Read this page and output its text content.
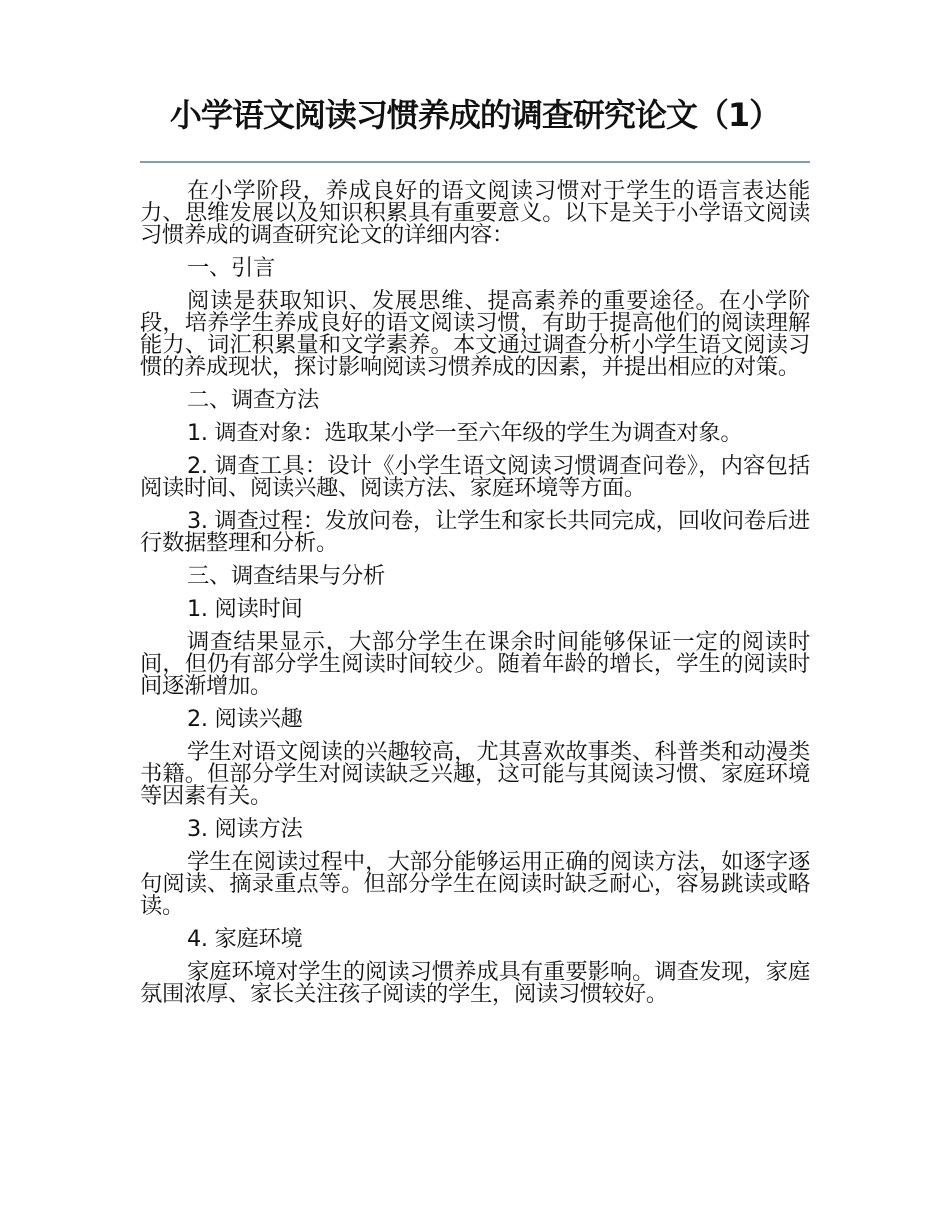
小学语文阅读习惯养成的调查研究论文（1）

在小学阶段，养成良好的语文阅读习惯对于学生的语言表达能力、思维发展以及知识积累具有重要意义。以下是关于小学语文阅读习惯养成的调查研究论文的详细内容：

一、引言

阅读是获取知识、发展思维、提高素养的重要途径。在小学阶段，培养学生养成良好的语文阅读习惯，有助于提高他们的阅读理解能力、词汇积累量和文学素养。本文通过调查分析小学生语文阅读习惯的养成现状，探讨影响阅读习惯养成的因素，并提出相应的对策。

二、调查方法

1. 调查对象：选取某小学一至六年级的学生为调查对象。

2. 调查工具：设计《小学生语文阅读习惯调查问卷》，内容包括阅读时间、阅读兴趣、阅读方法、家庭环境等方面。

3. 调查过程：发放问卷，让学生和家长共同完成，回收问卷后进行数据整理和分析。

三、调查结果与分析

1. 阅读时间

调查结果显示，大部分学生在课余时间能够保证一定的阅读时间，但仍有部分学生阅读时间较少。随着年龄的增长，学生的阅读时间逐渐增加。

2. 阅读兴趣

学生对语文阅读的兴趣较高，尤其喜欢故事类、科普类和动漫类书籍。但部分学生对阅读缺乏兴趣，这可能与其阅读习惯、家庭环境等因素有关。

3. 阅读方法

学生在阅读过程中，大部分能够运用正确的阅读方法，如逐字逐句阅读、摘录重点等。但部分学生在阅读时缺乏耐心，容易跳读或略读。

4. 家庭环境

家庭环境对学生的阅读习惯养成具有重要影响。调查发现，家庭氛围浓厚、家长关注孩子阅读的学生，阅读习惯较好。
